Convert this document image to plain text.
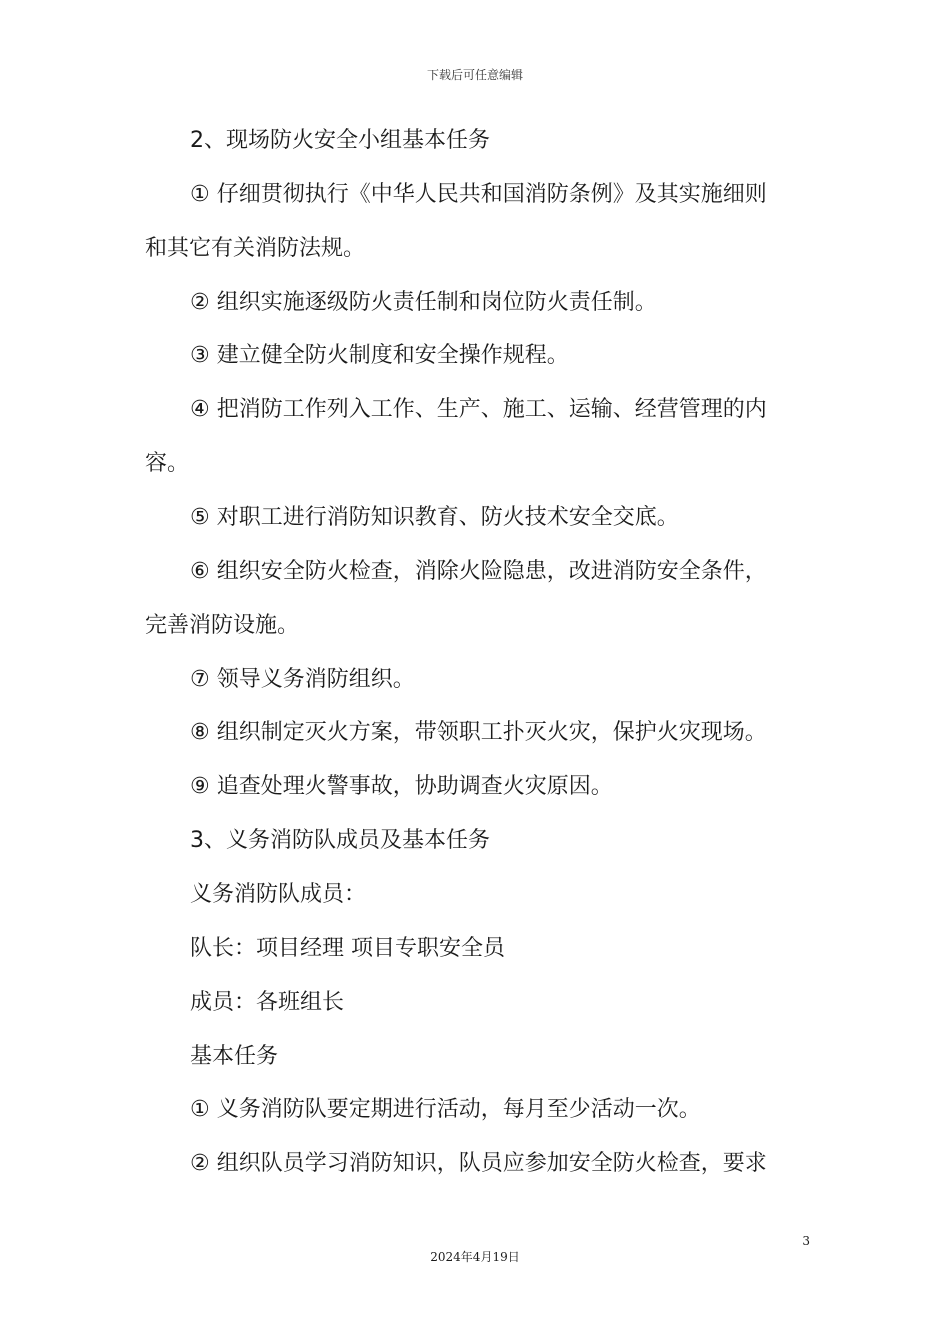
下载后可任意编辑
2、现场防火安全小组基本任务
① 仔细贯彻执行《中华人民共和国消防条例》及其实施细则
和其它有关消防法规。
② 组织实施逐级防火责任制和岗位防火责任制。
③ 建立健全防火制度和安全操作规程。
④ 把消防工作列入工作、生产、施工、运输、经营管理的内
容。
⑤ 对职工进行消防知识教育、防火技术安全交底。
⑥ 组织安全防火检查，消除火险隐患，改进消防安全条件，
完善消防设施。
⑦ 领导义务消防组织。
⑧ 组织制定灭火方案，带领职工扑灭火灾，保护火灾现场。
⑨ 追查处理火警事故，协助调查火灾原因。
3、义务消防队成员及基本任务
义务消防队成员：
队长：项目经理 项目专职安全员
成员：各班组长
基本任务
① 义务消防队要定期进行活动，每月至少活动一次。
② 组织队员学习消防知识，队员应参加安全防火检查，要求
3
2024年4月19日
